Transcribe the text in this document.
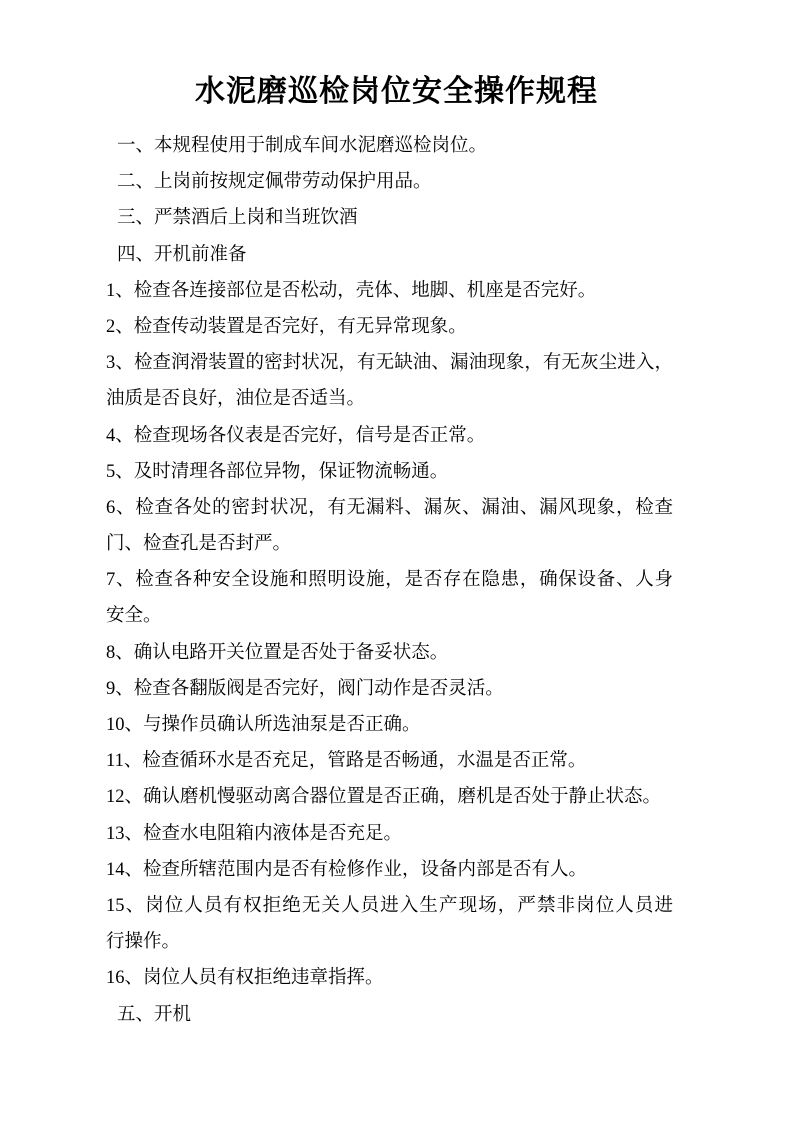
水泥磨巡检岗位安全操作规程

一、本规程使用于制成车间水泥磨巡检岗位。

二、上岗前按规定佩带劳动保护用品。

三、严禁酒后上岗和当班饮酒

四、开机前准备

1、检查各连接部位是否松动，壳体、地脚、机座是否完好。

2、检查传动装置是否完好，有无异常现象。

3、检查润滑装置的密封状况，有无缺油、漏油现象，有无灰尘进入，

油质是否良好，油位是否适当。

4、检查现场各仪表是否完好，信号是否正常。

5、及时清理各部位异物，保证物流畅通。

6、检查各处的密封状况，有无漏料、漏灰、漏油、漏风现象，检查

门、检查孔是否封严。

7、检查各种安全设施和照明设施，是否存在隐患，确保设备、人身

安全。

8、确认电路开关位置是否处于备妥状态。

9、检查各翻版阀是否完好，阀门动作是否灵活。

10、与操作员确认所选油泵是否正确。

11、检查循环水是否充足，管路是否畅通，水温是否正常。

12、确认磨机慢驱动离合器位置是否正确，磨机是否处于静止状态。

13、检查水电阻箱内液体是否充足。

14、检查所辖范围内是否有检修作业，设备内部是否有人。

15、岗位人员有权拒绝无关人员进入生产现场，严禁非岗位人员进

行操作。

16、岗位人员有权拒绝违章指挥。

五、开机
